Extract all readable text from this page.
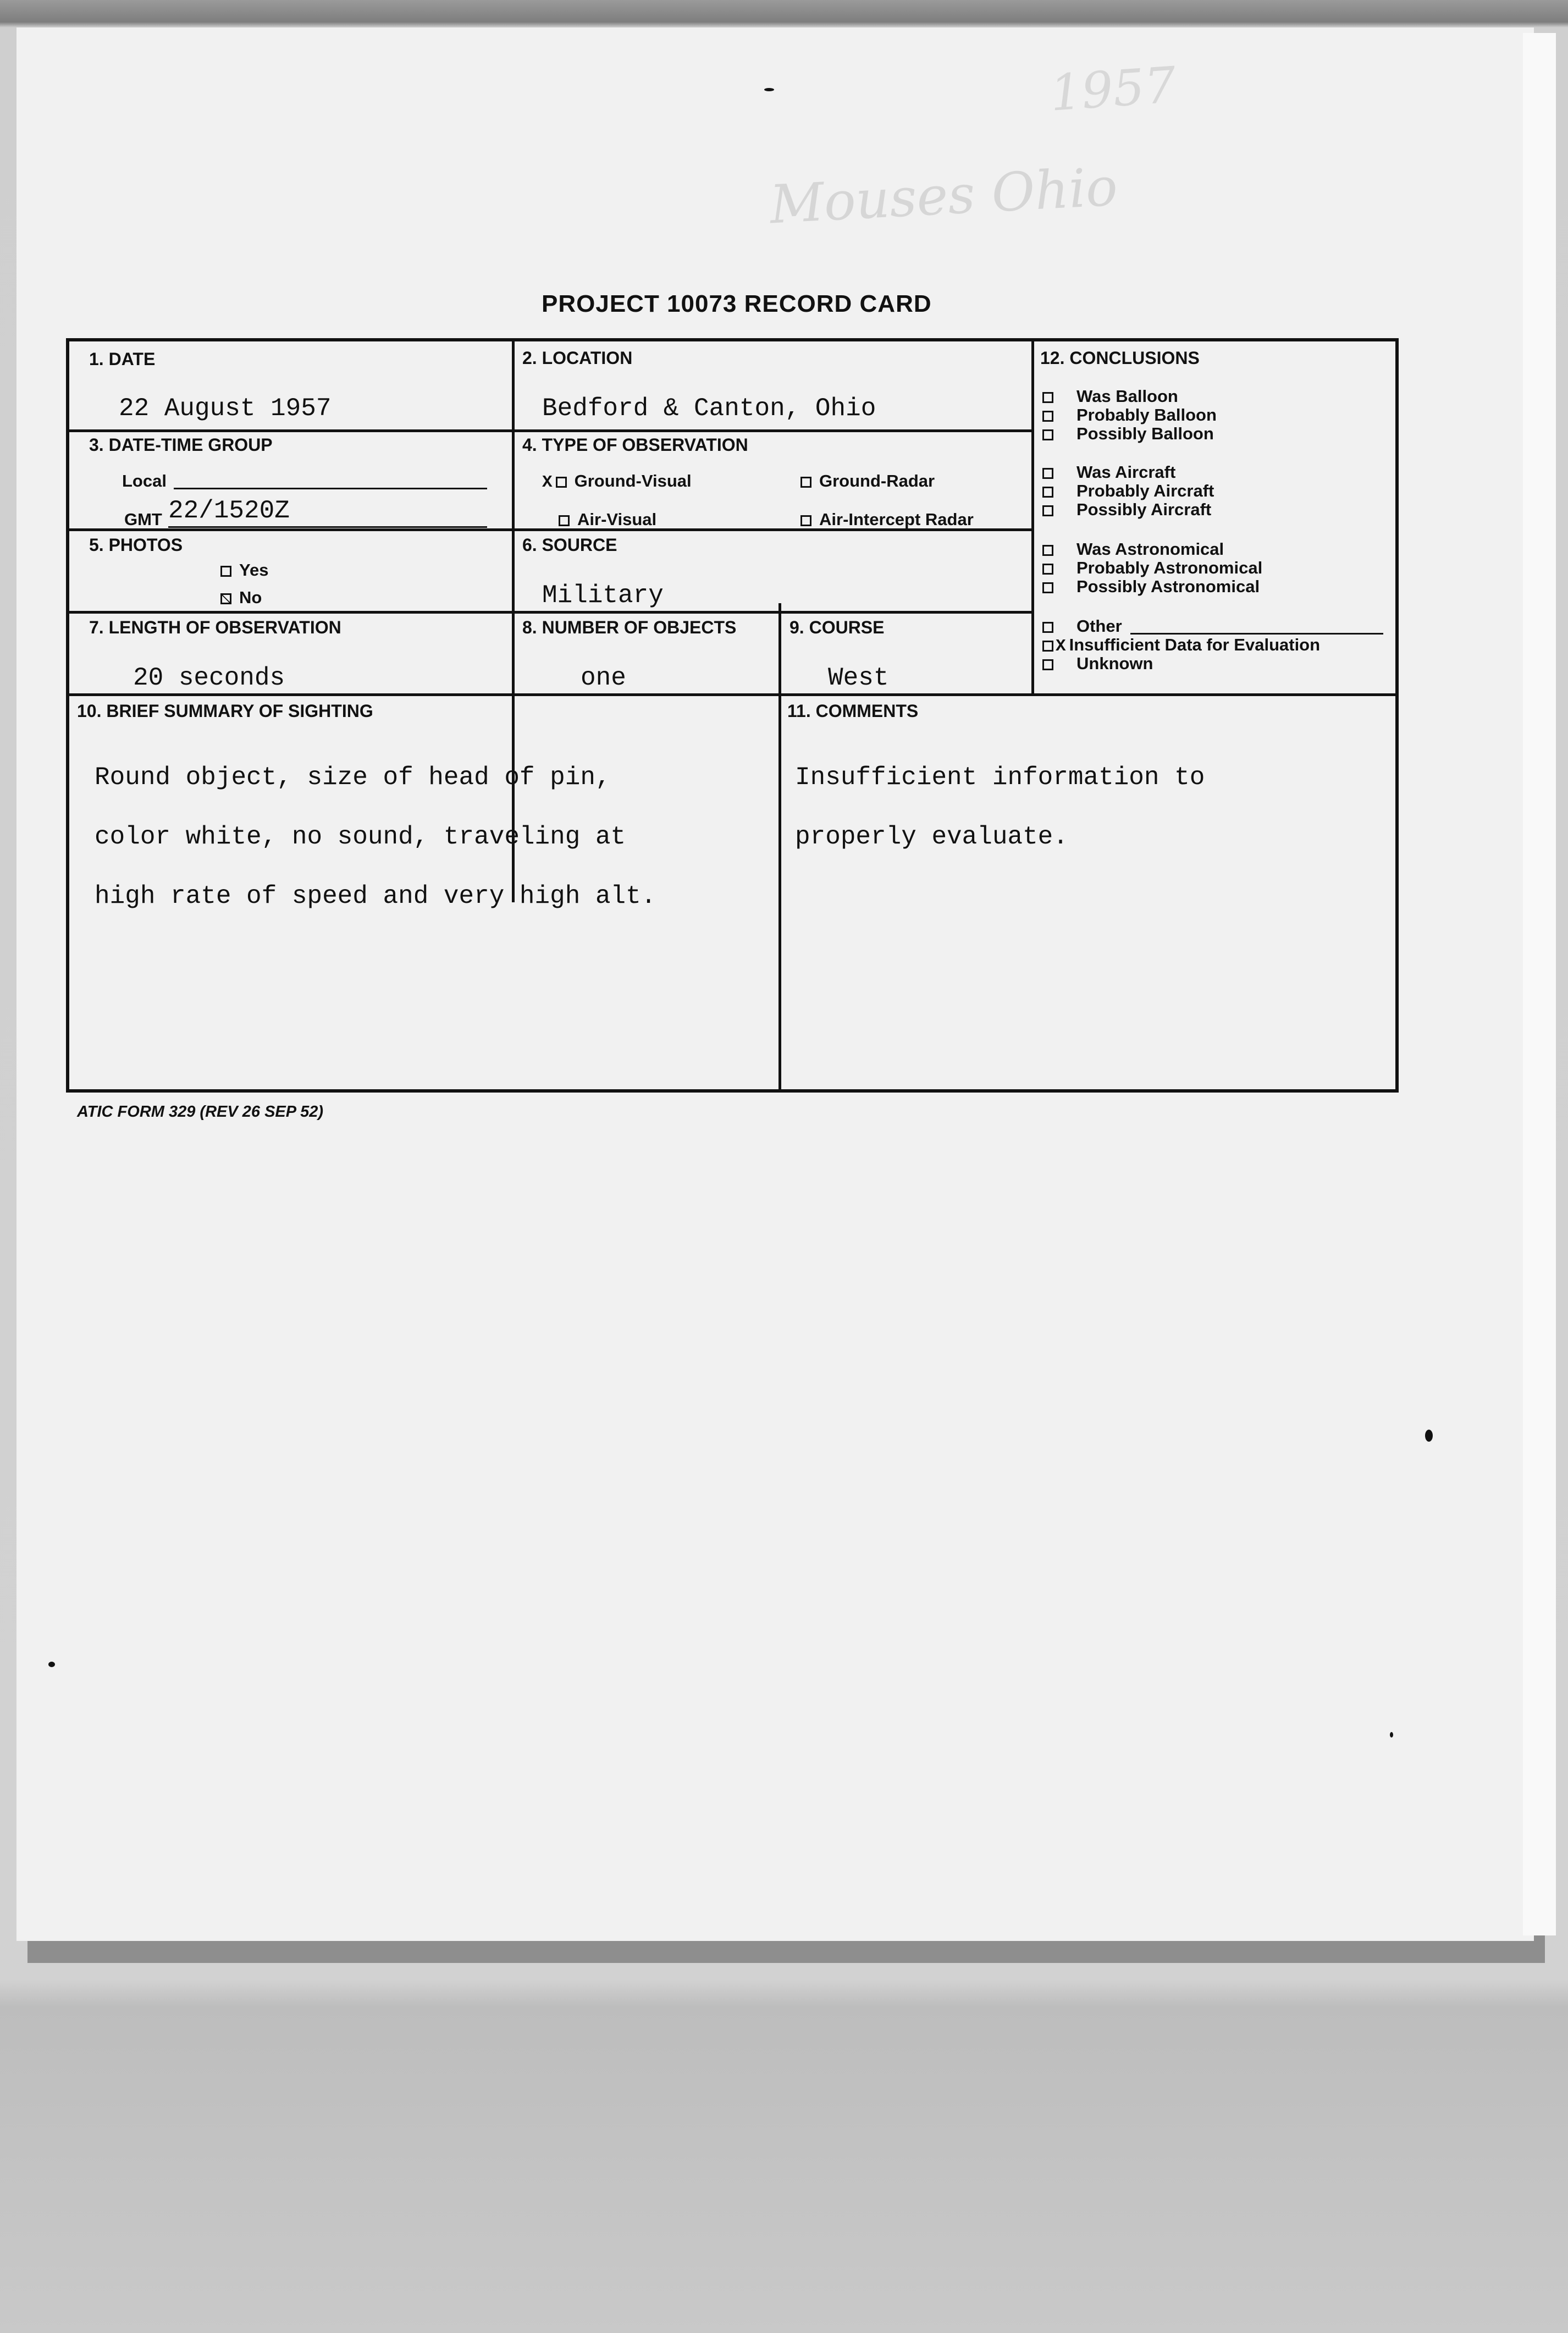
1957
Mouses Ohio
PROJECT 10073 RECORD CARD
1. DATE
22 August 1957
2. LOCATION
Bedford & Canton, Ohio
3. DATE-TIME GROUP
Local
GMT 22/1520Z
4. TYPE OF OBSERVATION
X Ground-Visual	Ground-Radar
Air-Visual	Air-Intercept Radar
5. PHOTOS
Yes
No
6. SOURCE
Military
7. LENGTH OF OBSERVATION
20 seconds
8. NUMBER OF OBJECTS
one
9. COURSE
West
10. BRIEF SUMMARY OF SIGHTING

Round object, size of head of pin,

color white, no sound, traveling at

high rate of speed and very high alt.

11. COMMENTS

Insufficient information to

properly evaluate.

12. CONCLUSIONS
Was Balloon
Probably Balloon
Possibly Balloon
Was Aircraft
Probably Aircraft
Possibly Aircraft
Was Astronomical
Probably Astronomical
Possibly Astronomical
Other
X Insufficient Data for Evaluation
Unknown
ATIC FORM 329 (REV 26 SEP 52)
